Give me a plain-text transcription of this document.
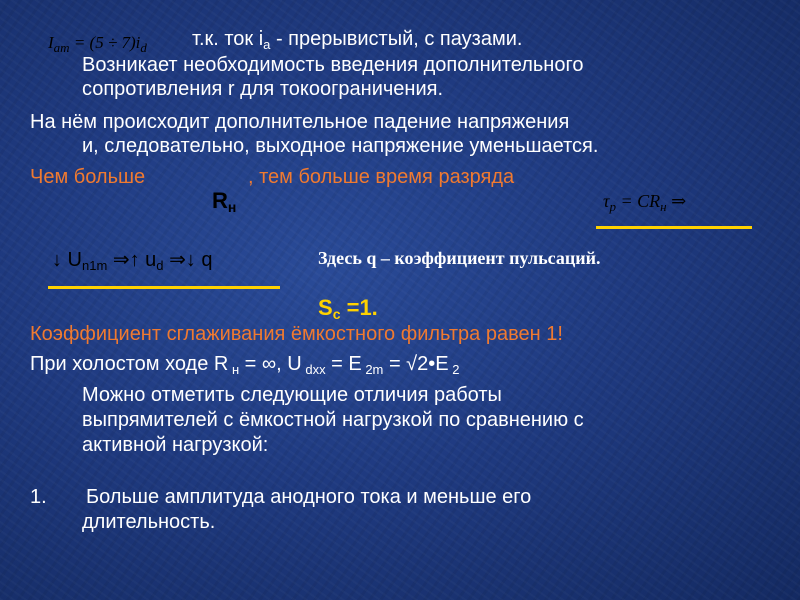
$I_{am} = (5 \div 7)i_d$ т.к. ток $i_a$ - прерывистый, с паузами.
Возникает необходимость введения дополнительного
сопротивления r для токоограничения.
На нём происходит дополнительное падение напряжения
и, следовательно, выходное напряжение уменьшается.
Чем больше	, тем больше время разряда
$R_н$	$\tau_p = CR_н$ ⇒
↓ $U_{n1m}$ ⇒↑ $u_d$ ⇒↓ q	Здесь q – коэффициент пульсаций.
$S_c =1$.
Коэффициент сглаживания ёмкостного фильтра равен 1!
При холостом ходе R $_н$ = ∞, U $_{dxx}$ = E $_{2m}$ = √2•E $_2$
Можно отметить следующие отличия работы
выпрямителей с ёмкостной нагрузкой по сравнению с
активной нагрузкой:
1. Больше амплитуда анодного тока и меньше его
длительность.
